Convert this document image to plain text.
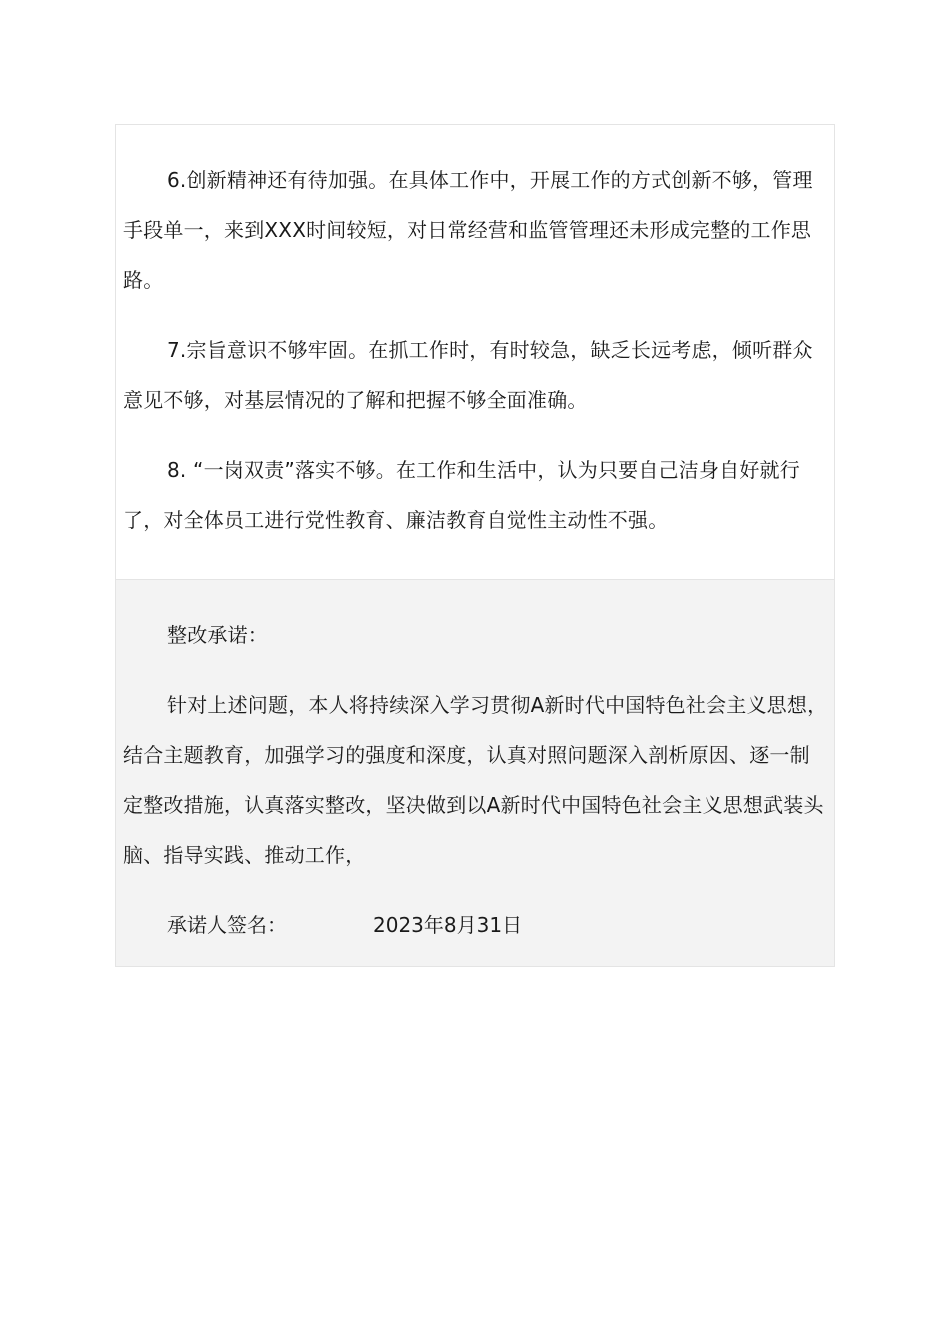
6.创新精神还有待加强。在具体工作中，开展工作的方式创新不够，管理手段单一，来到XXX时间较短，对日常经营和监管管理还未形成完整的工作思路。

7.宗旨意识不够牢固。在抓工作时，有时较急，缺乏长远考虑，倾听群众意见不够，对基层情况的了解和把握不够全面准确。

8. “一岗双责”落实不够。在工作和生活中，认为只要自己洁身自好就行了，对全体员工进行党性教育、廉洁教育自觉性主动性不强。

整改承诺：

针对上述问题，本人将持续深入学习贯彻A新时代中国特色社会主义思想，结合主题教育，加强学习的强度和深度，认真对照问题深入剖析原因、逐一制定整改措施，认真落实整改，坚决做到以A新时代中国特色社会主义思想武装头脑、指导实践、推动工作，

承诺人签名：	2023年8月31日
